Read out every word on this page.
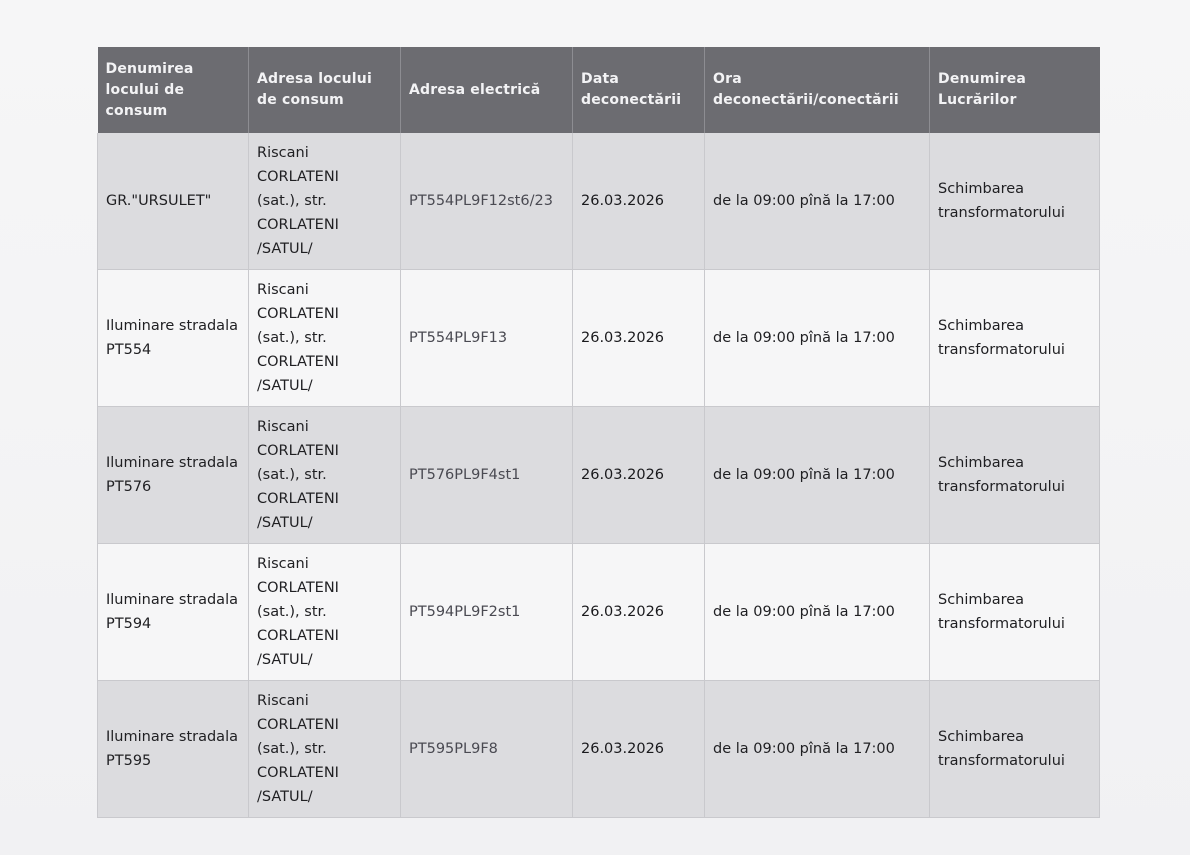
Denumirea locului de consum	Adresa locului de consum	Adresa electrică	Data deconectării	Ora deconectării/conectării	Denumirea Lucrărilor
GR."URSULET"	Riscani
CORLATENI
(sat.), str.
CORLATENI
/SATUL/	PT554PL9F12st6/23	26.03.2026	de la 09:00 pînă la 17:00	Schimbarea
transformatorului

Iluminare stradala PT554	Riscani
CORLATENI
(sat.), str.
CORLATENI
/SATUL/	PT554PL9F13	26.03.2026	de la 09:00 pînă la 17:00	Schimbarea
transformatorului

Iluminare stradala PT576	Riscani
CORLATENI
(sat.), str.
CORLATENI
/SATUL/	PT576PL9F4st1	26.03.2026	de la 09:00 pînă la 17:00	Schimbarea
transformatorului

Iluminare stradala PT594	Riscani
CORLATENI
(sat.), str.
CORLATENI
/SATUL/	PT594PL9F2st1	26.03.2026	de la 09:00 pînă la 17:00	Schimbarea
transformatorului

Iluminare stradala PT595	Riscani
CORLATENI
(sat.), str.
CORLATENI
/SATUL/	PT595PL9F8	26.03.2026	de la 09:00 pînă la 17:00	Schimbarea
transformatorului
